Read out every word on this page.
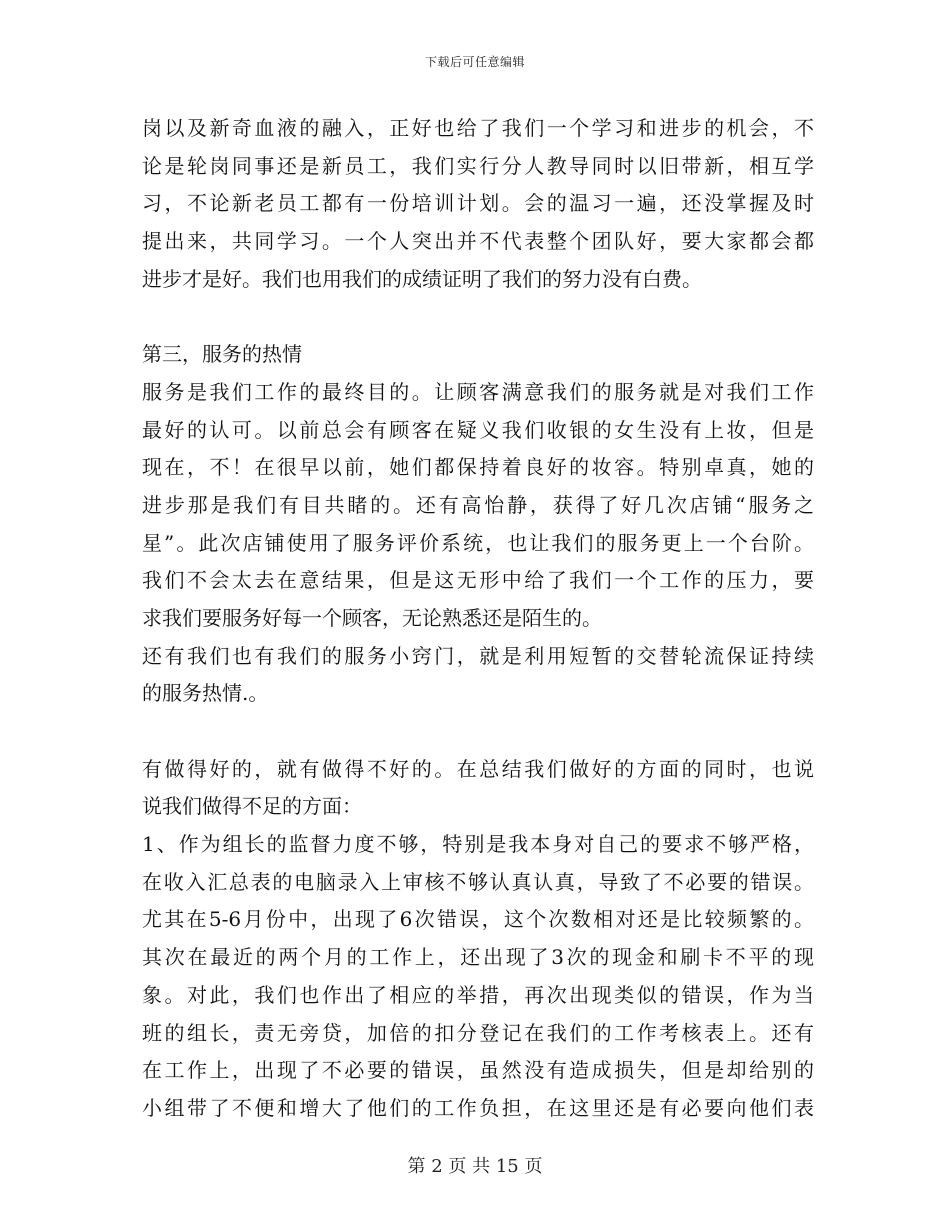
下载后可任意编辑
岗以及新奇血液的融入，正好也给了我们一个学习和进步的机会，不
论是轮岗同事还是新员工，我们实行分人教导同时以旧带新，相互学
习，不论新老员工都有一份培训计划。会的温习一遍，还没掌握及时
提出来，共同学习。一个人突出并不代表整个团队好，要大家都会都
进步才是好。我们也用我们的成绩证明了我们的努力没有白费。
第三，服务的热情
服务是我们工作的最终目的。让顾客满意我们的服务就是对我们工作
最好的认可。以前总会有顾客在疑义我们收银的女生没有上妆，但是
现在，不！在很早以前，她们都保持着良好的妆容。特别卓真，她的
进步那是我们有目共睹的。还有高怡静，获得了好几次店铺“服务之
星”。此次店铺使用了服务评价系统，也让我们的服务更上一个台阶。
我们不会太去在意结果，但是这无形中给了我们一个工作的压力，要
求我们要服务好每一个顾客，无论熟悉还是陌生的。
还有我们也有我们的服务小窍门，就是利用短暂的交替轮流保证持续
的服务热情.。
有做得好的，就有做得不好的。在总结我们做好的方面的同时，也说
说我们做得不足的方面：
1、作为组长的监督力度不够，特别是我本身对自己的要求不够严格，
在收入汇总表的电脑录入上审核不够认真认真，导致了不必要的错误。
尤其在5-6月份中，出现了6次错误，这个次数相对还是比较频繁的。
其次在最近的两个月的工作上，还出现了3次的现金和刷卡不平的现
象。对此，我们也作出了相应的举措，再次出现类似的错误，作为当
班的组长，责无旁贷，加倍的扣分登记在我们的工作考核表上。还有
在工作上，出现了不必要的错误，虽然没有造成损失，但是却给别的
小组带了不便和增大了他们的工作负担，在这里还是有必要向他们表
第 2 页 共 15 页
